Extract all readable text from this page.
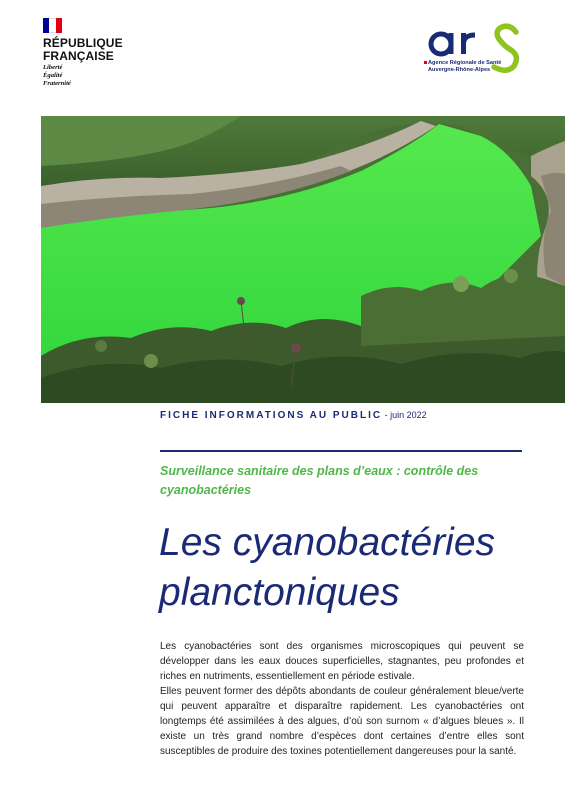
RÉPUBLIQUE
FRANÇAISE
Liberté
Égalité
Fraternité
Agence Régionale de Santé
Auvergne-Rhône-Alpes
FICHE INFORMATIONS AU PUBLIC - juin 2022
Surveillance sanitaire des plans d’eaux : contrôle des cyanobactéries
Les cyanobactéries
planctoniques

Les cyanobactéries sont des organismes microscopiques qui peuvent se développer dans les eaux douces superficielles, stagnantes, peu profondes et riches en nutriments, essentiellement en période estivale.

Elles peuvent former des dépôts abondants de couleur généralement bleue/verte qui peuvent apparaître et disparaître rapidement. Les cyanobactéries ont longtemps été assimilées à des algues, d’où son surnom « d’algues bleues ». Il existe un très grand nombre d’espèces dont certaines d’entre elles sont susceptibles de produire des toxines potentiellement dangereuses pour la santé.
